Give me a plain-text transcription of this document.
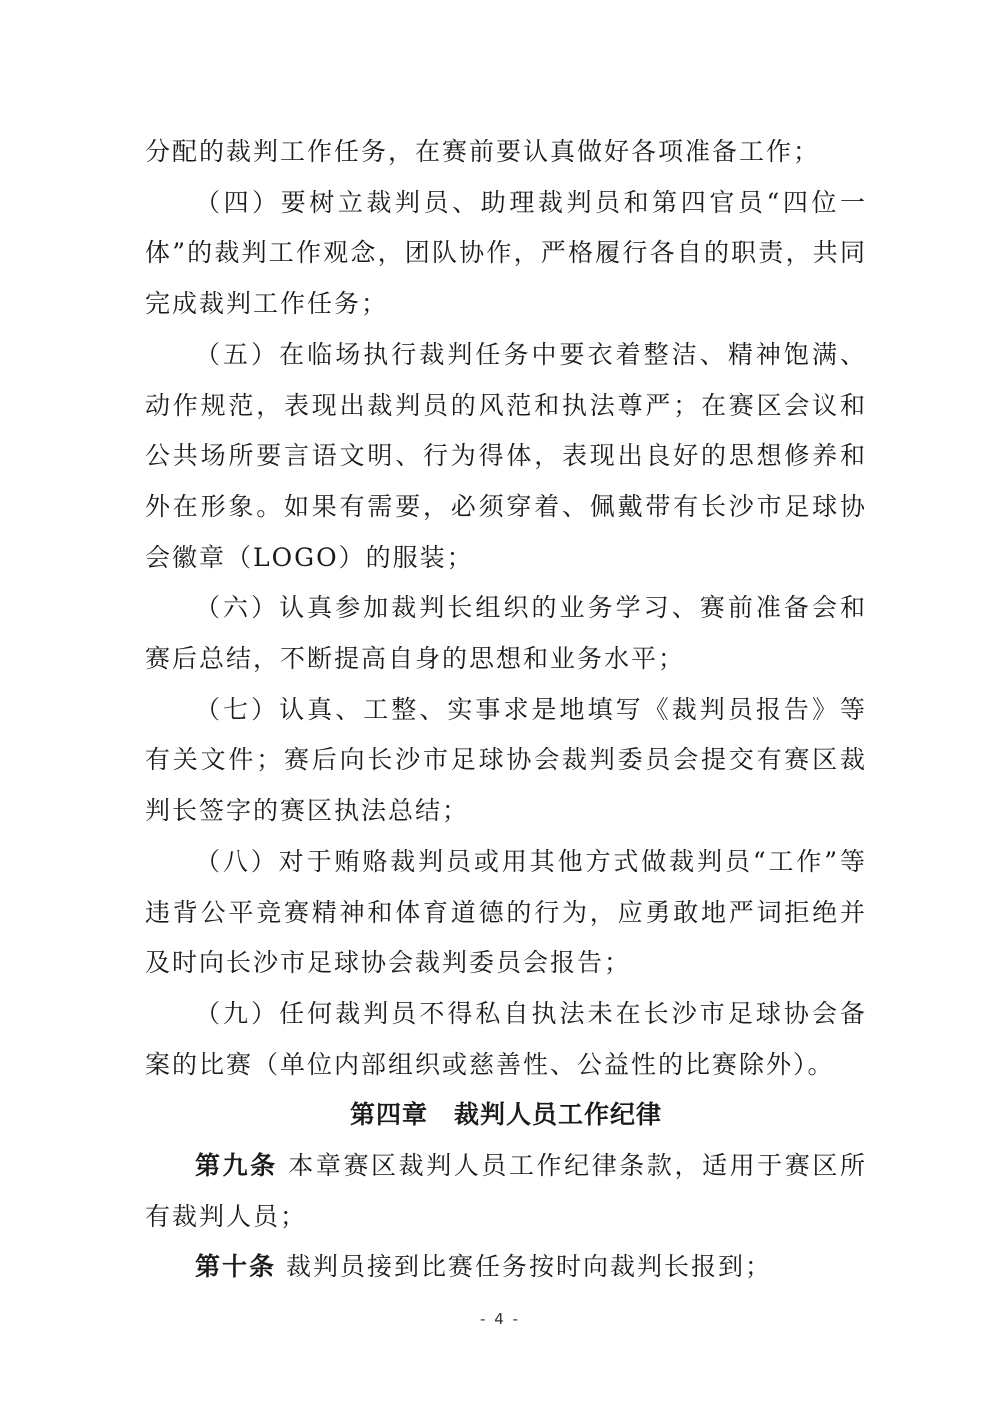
分配的裁判工作任务，在赛前要认真做好各项准备工作；

（四）要树立裁判员、助理裁判员和第四官员“四位一体”的裁判工作观念，团队协作，严格履行各自的职责，共同完成裁判工作任务；

（五）在临场执行裁判任务中要衣着整洁、精神饱满、动作规范，表现出裁判员的风范和执法尊严；在赛区会议和公共场所要言语文明、行为得体，表现出良好的思想修养和外在形象。如果有需要，必须穿着、佩戴带有长沙市足球协会徽章（LOGO）的服装；

（六）认真参加裁判长组织的业务学习、赛前准备会和赛后总结，不断提高自身的思想和业务水平；

（七）认真、工整、实事求是地填写《裁判员报告》等有关文件；赛后向长沙市足球协会裁判委员会提交有赛区裁判长签字的赛区执法总结；

（八）对于贿赂裁判员或用其他方式做裁判员“工作”等违背公平竞赛精神和体育道德的行为，应勇敢地严词拒绝并及时向长沙市足球协会裁判委员会报告；

（九）任何裁判员不得私自执法未在长沙市足球协会备案的比赛（单位内部组织或慈善性、公益性的比赛除外）。

第四章 裁判人员工作纪律

第九条 本章赛区裁判人员工作纪律条款，适用于赛区所有裁判人员；

第十条 裁判员接到比赛任务按时向裁判长报到；

- 4 -
